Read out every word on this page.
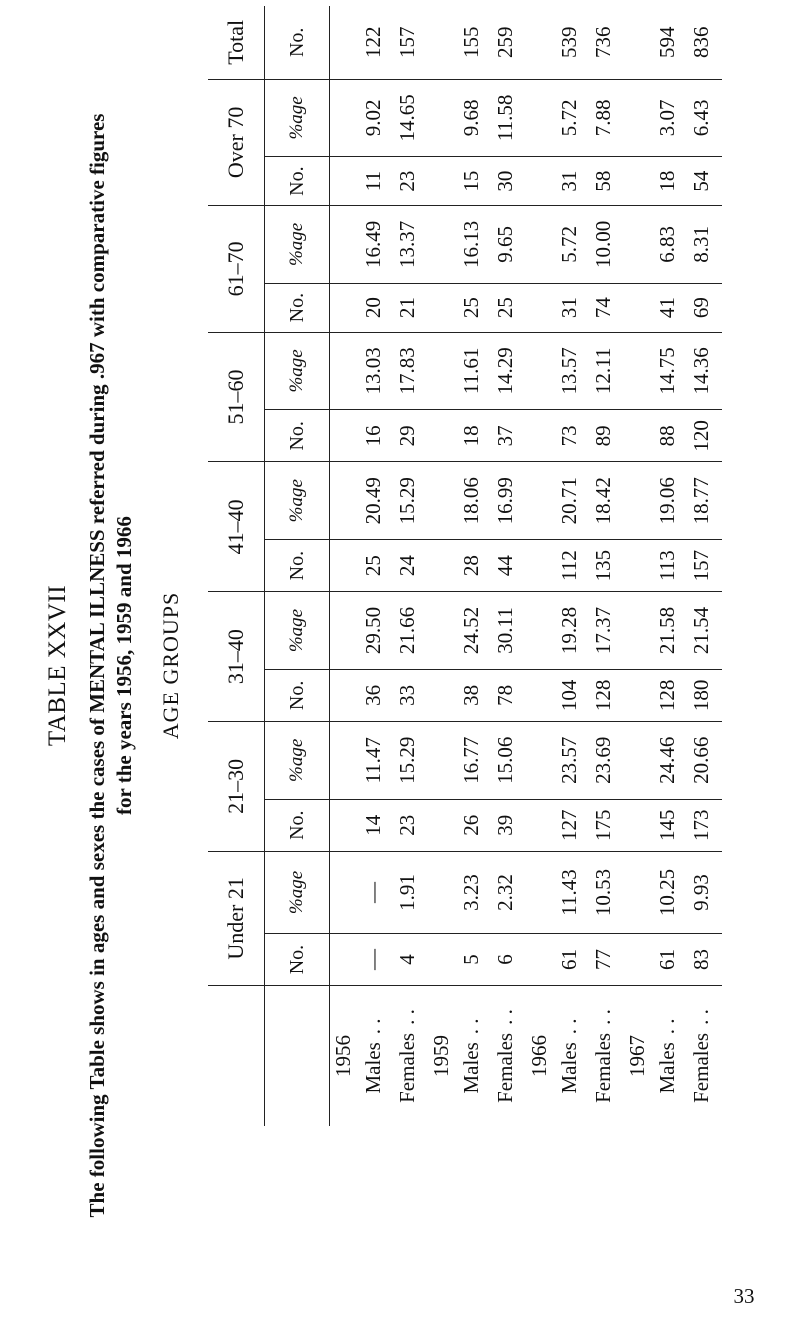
TABLE XXVII The following Table shows in ages and sexes the cases of MENTAL ILLNESS referred during .967 with comparative figures for the years 1956, 1959 and 1966 AGE GROUPS
	Under 21		21–30		31–40		41–40		51–60		61–70		Over 70		Total
	No.	%age	No.	%age	No.	%age	No.	%age	No.	%age	No.	%age	No.	%age	No.
1956															
Males. .	—	—	14	11.47	36	29.50	25	20.49	16	13.03	20	16.49	11	9.02	122
Females. .	4	1.91	23	15.29	33	21.66	24	15.29	29	17.83	21	13.37	23	14.65	157
1959															
Males. .	5	3.23	26	16.77	38	24.52	28	18.06	18	11.61	25	16.13	15	9.68	155
Females. .	6	2.32	39	15.06	78	30.11	44	16.99	37	14.29	25	9.65	30	11.58	259
1966															
Males. .	61	11.43	127	23.57	104	19.28	112	20.71	73	13.57	31	5.72	31	5.72	539
Females. .	77	10.53	175	23.69	128	17.37	135	18.42	89	12.11	74	10.00	58	7.88	736
1967															
Males. .	61	10.25	145	24.46	128	21.58	113	19.06	88	14.75	41	6.83	18	3.07	594
Females. .	83	9.93	173	20.66	180	21.54	157	18.77	120	14.36	69	8.31	54	6.43	836
33
